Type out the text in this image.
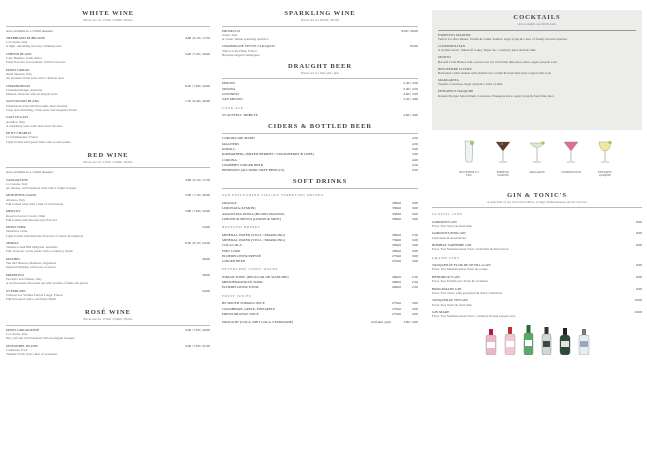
WHITE WINE
Prices are for 175ml | 250ml | Bottle
Also available in a 125ml measure
TREBBIANO RUBICONE	4.80 | 6.10 | 17.50
La Casada, Italy
A light, refreshing and easy drinking wine
CHENIN BLANC	5.40 | 7.20 | 20.00
Cape Heights, South Africa
Fresh flavours and aromatic with floral notes
PINOT GRIGIO
Della Venezie, Italy
An aromatic fresh wine with a delicate taste
CHARDONNAY	6.20 | 7.80 | 22.00
Lindeman Range, Australia
Mineral character with an elegant style
SAUVIGNON BLANC	7.10 | 9.40 | 26.90
Whitehaven Point Marlborough, New Zealand
Crisp and refreshing, citrus notes and tangerine finish
GAVI DI GAVI
Araldica, Italy
A refreshing wine with citrus fruit flavours
PETIT CHABLIS
La Chablisienne, France
Light bodied with green fruits and a round palate
RED WINE
Prices are for 175ml | 250ml | Bottle
Also available in a 125ml measure
SANGIOVESE	4.80 | 6.10 | 17.50
La Casada, Italy
An intense, well balanced wine with a bright bouquet
MONTEPULCIANO	5.30 | 7.10 | 20.00
Abruzzo, Italy
Full bodied wine with a hint of wild berries
MERLOT	5.80 | 7.60 | 22.00
Reserva Lavras Cacala, Chile
Full bodied with luscious ripe flavours
PINOT NOIR	24.00
Tamarind, Chile
Light bodied with delicious flavours of cherry & raspberry
SHIRAZ	6.30 | 8.10 | 24.50
Thomas Creek Hill Margaret, Australia
Full character on the palate with a cranberry finish
MALBEC	26.00
The Old Shearer, Mendoza, Argentina
Inspired drinking with notes of spices
PRIMITIVO	28.00
Pecorino San Salento, Italy
A warm intense flavoured red with aromas of fruits and spices
ST EMILION	34.00
Chateau Les Vieilles Pierres Lange, France
Full flavoured with a soft fruity finish
ROSÉ WINE
Prices are for 175ml | 250ml | Bottle
PINOT GRIGIO ROSÉ	5.00 | 7.00 | 20.00
La Casada, Italy
Dry, soft and well balanced with an elegant bouquet
ZINFANDEL BLUSH	5.00 | 7.00 | 21.00
California, USA
Summer fruits with a hint of sweetness
SPARKLING WINE
Prices are for 200ml | Bottle
PROSECCO	8.00 | 26.00
Zonin, Italy
A classic Italian sparkling aperitivo
CHAMPAGNE VEUVE CLICQUOT	65.00
Yellow Label Brut, France
Bespoke elegant champagne
DRAUGHT BEER
Prices are for half pint | pint
PERONI	2.40 | 4.50
SINGHA	2.40 | 4.50
GUINNESS	2.60 | 5.00
SAN MIGUEL	2.50 | 4.80
CASK ALE
ST AUSTELL TRIBUTE	2.60 | 4.90
CIDERS & BOTTLED BEER
CORONA ORCHARD	4.50
MAGNERS	4.50
KOPALL	5.00
KOPPARBERG (MIXED BERRIES / STRAWBERRY & LIME)	5.00
CORONA	4.00
CRABBIES GINGER BEER	4.50
HEINEKEN (ALCOHOL FREE BEER 0%)	3.50
SOFT DRINKS
SAN PELLEGRINO ITALIAN SPARKLING DRINKS
ORANGE	330ml	3.00
LIMONATA (LEMON)	330ml	3.00
ARANCIATA ROSSA (BLOOD ORANGE)	330ml	3.00
LIMONE & MENTA (LEMON & MINT)	330ml	3.00
BOTTLED DRINKS
MINERAL WATER (STILL / SPARKLING)	330ml	2.50
MINERAL WATER (STILL / SPARKLING)	750ml	5.00
COCA COLA	330ml	3.00
DIET COKE	330ml	3.00
ELDERFLOWER PRESSÉ	275ml	3.00
GINGER BEER	275ml	3.00
FEVERTREE TONIC WATER
INDIAN TONIC (REGULAR OR SLIMLINE)	200ml	2.50
MEDITERRANEAN TONIC	200ml	2.50
ELDERFLOWER TONIC	200ml	2.50
FRUIT JUICES
BS SPICED TOMATO JUICE	275ml	3.00
CRANBERRY, APPLE, PINEAPPLE	275ml	3.00
FRESH ORANGE JUICE	275ml	3.00
DRAUGHT (COLA, DIET COLA, LEMONADE)	half pint | pint	1.80 | 3.00
COCKTAILS
All cocktails are £9.50 each
ESPRESSO MARTINI
Perfect for after dinner. Vanilla & vodka, Kahlua, sugar syrup & a shot of freshly brewed espresso
COSMOPOLITAN
A stylish classic. Smirnoff vodka, Triple Sec, cranberry juice & fresh lime
MOJITO
Bacardi Carta Blanca rum, served over ice with fresh lime juice, mint, sugar syrup & soda
BELVEDERE LO FIZZ
Belvedere vodka shaken with elderflower cordial & fresh lime juice topped with soda
MARGARITA
Tequila, Cointreau, sugar syrup & a twist of lime
PINEAPPLE DAIQUIRI
Kraken Morgan Spiced Rum, Cointreau, Pineapple juice, sugar syrup & fresh lime juice
BELVEDERE LO FIZZ
ESPRESSO MARTINI
MARGARITA	COSMOPOLITAN	PINEAPPLE DAIQUIRI
GIN & TONIC'S
A selection of our favourite G&T's. A large 50ml measure served over ice
CLASSIC GINS
GORDON'S GIN	8.00
Fever Tree Tonic & fresh lime
GORDON'S PINK GIN	8.00
Lemonade & strawberries
BOMBAY SAPPHIRE GIN	8.00
Fever Tree Mediterranean Tonic, fresh lime & mint leaves
GRAND GINS
TANQUERAY FLOR DE SEVILLA GIN	9.00
Fever Tree Mediterranean Tonic & orange
HENDRICK'S GIN	9.00
Fever Tree Elderflower Tonic & cucumber
BROCKMANS GIN	9.00
Fever Tree Tonic, pink grapefruit & dried cranberries
TANQUERAY TEN GIN	10.00
Fever Tree Tonic & fresh lime
GIN MARE	10.00
Fever Tree Mediterranean Tonic, rosemary & pink peppercorns
